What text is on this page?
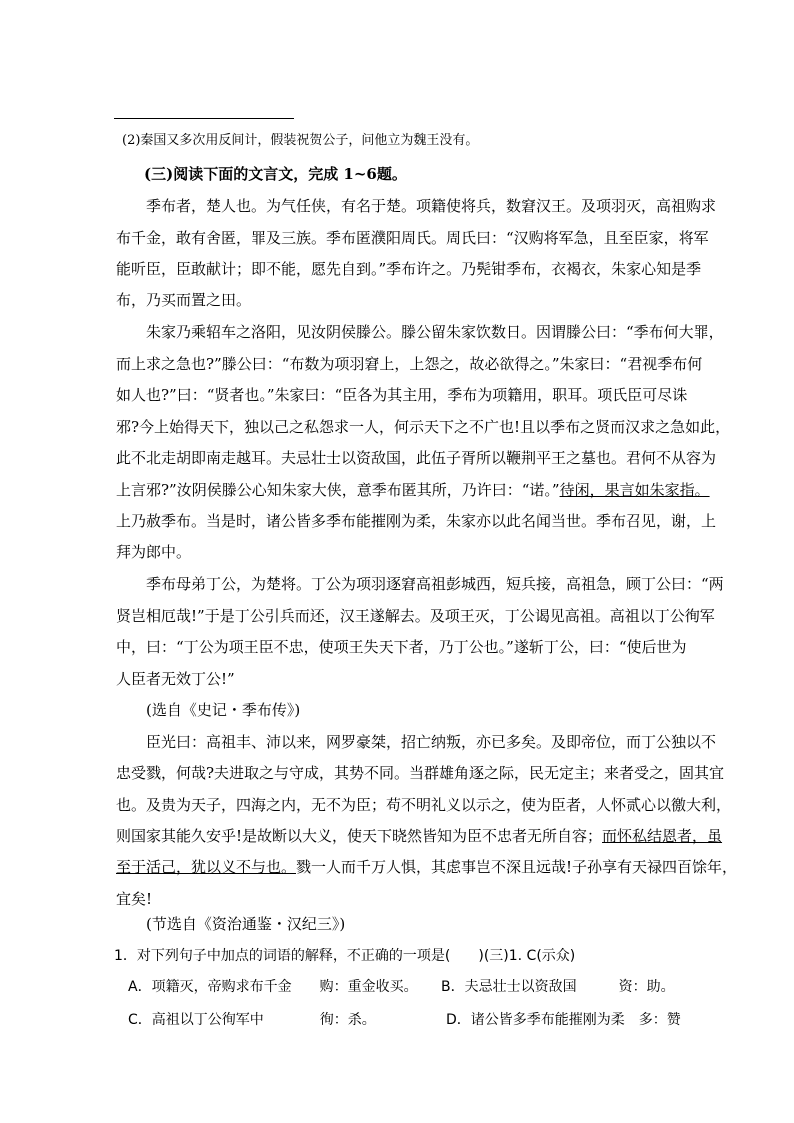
(2)秦国又多次用反间计，假装祝贺公子，问他立为魏王没有。
(三)阅读下面的文言文，完成 1~6题。
　　季布者，楚人也。为气任侠，有名于楚。项籍使将兵，数窘汉王。及项羽灭，高祖购求
布千金，敢有舍匿，罪及三族。季布匿濮阳周氏。周氏曰：“汉购将军急，且至臣家，将军
能听臣，臣敢献计；即不能，愿先自到。”季布许之。乃髡钳季布，衣褐衣，朱家心知是季
布，乃买而置之田。
　　朱家乃乘轺车之洛阳，见汝阴侯滕公。滕公留朱家饮数日。因谓滕公曰：“季布何大罪，
而上求之急也?”滕公曰：“布数为项羽窘上，上怨之，故必欲得之。”朱家曰：“君视季布何
如人也?”曰：“贤者也。”朱家曰：“臣各为其主用，季布为项籍用，职耳。项氏臣可尽诛
邪?今上始得天下，独以己之私怨求一人，何示天下之不广也!且以季布之贤而汉求之急如此，
此不北走胡即南走越耳。夫忌壮士以资敌国，此伍子胥所以鞭荆平王之墓也。君何不从容为
上言邪?”汝阴侯滕公心知朱家大侠，意季布匿其所，乃许曰：“诺。”待闲，果言如朱家指。
上乃赦季布。当是时，诸公皆多季布能摧刚为柔，朱家亦以此名闻当世。季布召见，谢，上
拜为郎中。
　　季布母弟丁公，为楚将。丁公为项羽逐窘高祖彭城西，短兵接，高祖急，顾丁公曰：“两
贤岂相厄哉!”于是丁公引兵而还，汉王遂解去。及项王灭，丁公谒见高祖。高祖以丁公徇军
中，曰：“丁公为项王臣不忠，使项王失天下者，乃丁公也。”遂斩丁公，曰：“使后世为
人臣者无效丁公!”
　　(选自《史记・季布传》)
　　臣光曰：高祖丰、沛以来，网罗豪桀，招亡纳叛，亦已多矣。及即帝位，而丁公独以不
忠受戮，何哉?夫进取之与守成，其势不同。当群雄角逐之际，民无定主；来者受之，固其宜
也。及贵为天子，四海之内，无不为臣；苟不明礼义以示之，使为臣者，人怀贰心以徼大利，
则国家其能久安乎!是故断以大义，使天下晓然皆知为臣不忠者无所自容；而怀私结恩者，虽
至于活己，犹以义不与也。戮一人而千万人惧，其虑事岂不深且远哉!子孙享有天禄四百馀年，
宜矣!
　　(节选自《资治通鉴・汉纪三》)
1．对下列句子中加点的词语的解释，不正确的一项是(　　)(三)1. C(示众)
A．项籍灭，帝购求布千金　　购：重金收买。 B．夫忌壮士以资敌国　　　资：助。
C．高祖以丁公徇军中　　　　徇：杀。	D．诸公皆多季布能摧刚为柔　多：赞
